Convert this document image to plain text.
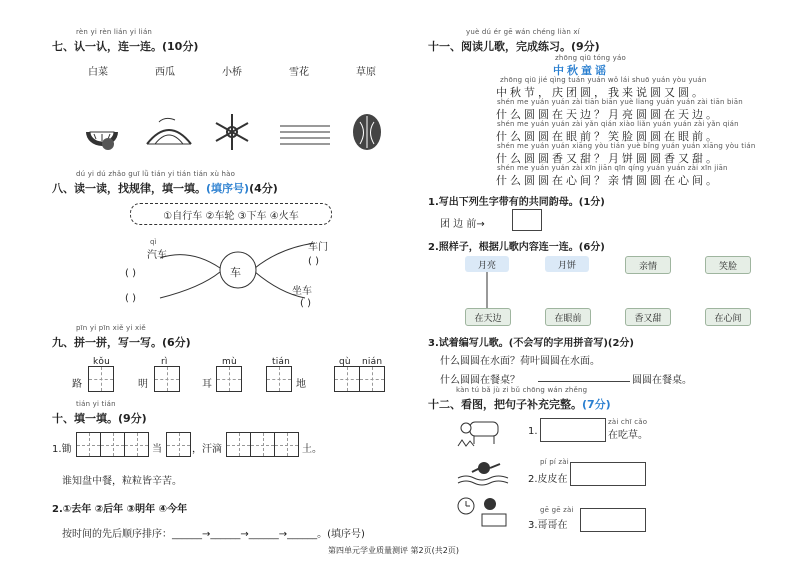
rèn yi rèn lián yi lián
七、认一认，连一连。(10分)
白菜	西瓜	小桥	雪花	草原
dú yi dú zhǎo guī lǜ tián yi tián tián xù hào
八、读一读，找规律，填一填。(填序号)(4分)
①自行车 ②车轮 ③下车 ④火车
车
qì
汽车
( )
( )
车门
( )
坐车
( )
pīn yi pīn xiě yi xiě
九、拼一拼，写一写。(6分)
kǒu	rì	mù	tián	qù nián
路	明	耳	地
tián yi tián
十、填一填。(9分)
1.锄	当	，汗滴	土。
谁知盘中餐，粒粒皆辛苦。
2.①去年 ②后年 ③明年 ④今年
按时间的先后顺序排序：______→______→______→______。(填序号)
yuè dú ér gē wán chéng liàn xí
十一、阅读儿歌，完成练习。(9分)
zhōng qiū tóng yáo
中秋童谣
zhōng qiū jié qìng tuán yuán wǒ lái shuō yuán yòu yuán
中秋节，庆团圆，我来说圆又圆。
shén me yuán yuán zài tiān biān yuè liang yuán yuán zài tiān biān
什么圆圆在天边？月亮圆圆在天边。
shén me yuán yuán zài yǎn qián xiào liǎn yuán yuán zài yǎn qián
什么圆圆在眼前？笑脸圆圆在眼前。
shén me yuán yuán xiāng yòu tián yuè bǐng yuán yuán xiāng yòu tián
什么圆圆香又甜？月饼圆圆香又甜。
shén me yuán yuán zài xīn jiān qīn qíng yuán yuán zài xīn jiān
什么圆圆在心间？亲情圆圆在心间。
1.写出下列生字带有的共同韵母。(1分)
团 边 前→
2.照样子，根据儿歌内容连一连。(6分)
月亮	月饼	亲情	笑脸
在天边	在眼前	香又甜	在心间
3.试着编写儿歌。(不会写的字用拼音写)(2分)
什么圆圆在水面？荷叶圆圆在水面。
什么圆圆在餐桌？	圆圆在餐桌。
kàn tú bǎ jù zi bǔ chōng wán zhěng
十二、看图，把句子补充完整。(7分)
1.
zài chī cǎo
在吃草。
pí pí zài
2.皮皮在
gē gē zài
3.哥哥在
第四单元学业质量测评 第2页(共2页)
